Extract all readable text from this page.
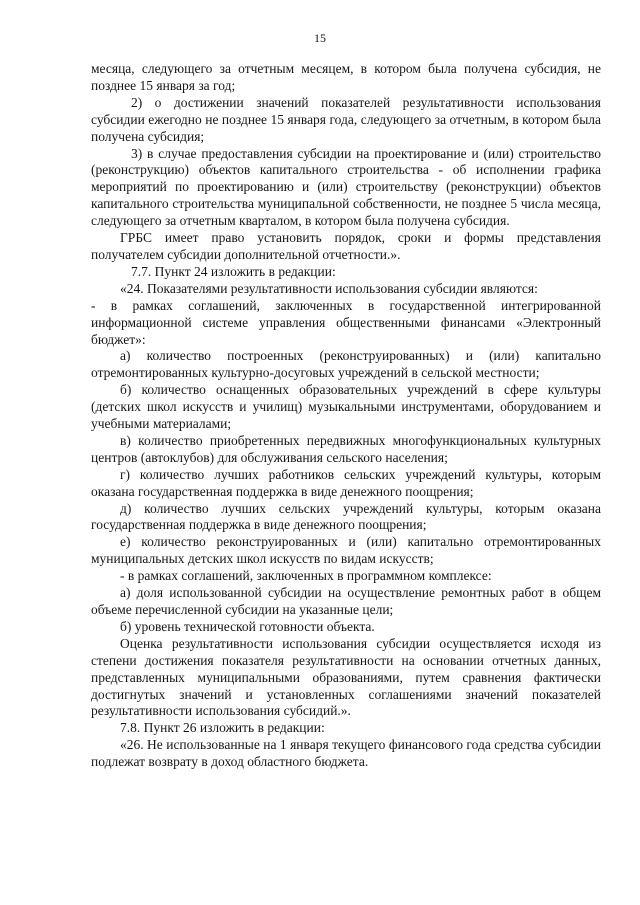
15

месяца, следующего за отчетным месяцем, в котором была получена субсидия, не позднее 15 января за год;

2) о достижении значений показателей результативности использования субсидии ежегодно не позднее 15 января года, следующего за отчетным, в котором была получена субсидия;

3) в случае предоставления субсидии на проектирование и (или) строительство (реконструкцию) объектов капитального строительства - об исполнении графика мероприятий по проектированию и (или) строительству (реконструкции) объектов капитального строительства муниципальной собственности, не позднее 5 числа месяца, следующего за отчетным кварталом, в котором была получена субсидия.

ГРБС имеет право установить порядок, сроки и формы представления получателем субсидии дополнительной отчетности.».

7.7. Пункт 24 изложить в редакции:

«24. Показателями результативности использования субсидии являются:

- в рамках соглашений, заключенных в государственной интегрированной информационной системе управления общественными финансами «Электронный бюджет»:

а) количество построенных (реконструированных) и (или) капитально отремонтированных культурно-досуговых учреждений в сельской местности;

б) количество оснащенных образовательных учреждений в сфере культуры (детских школ искусств и училищ) музыкальными инструментами, оборудованием и учебными материалами;

в) количество приобретенных передвижных многофункциональных культурных центров (автоклубов) для обслуживания сельского населения;

г) количество лучших работников сельских учреждений культуры, которым оказана государственная поддержка в виде денежного поощрения;

д) количество лучших сельских учреждений культуры, которым оказана государственная поддержка в виде денежного поощрения;

е) количество реконструированных и (или) капитально отремонтированных муниципальных детских школ искусств по видам искусств;

- в рамках соглашений, заключенных в программном комплексе:

а) доля использованной субсидии на осуществление ремонтных работ в общем объеме перечисленной субсидии на указанные цели;

б) уровень технической готовности объекта.

Оценка результативности использования субсидии осуществляется исходя из степени достижения показателя результативности на основании отчетных данных, представленных муниципальными образованиями, путем сравнения фактически достигнутых значений и установленных соглашениями значений показателей результативности использования субсидий.».

7.8. Пункт 26 изложить в редакции:

«26. Не использованные на 1 января текущего финансового года средства субсидии подлежат возврату в доход областного бюджета.
